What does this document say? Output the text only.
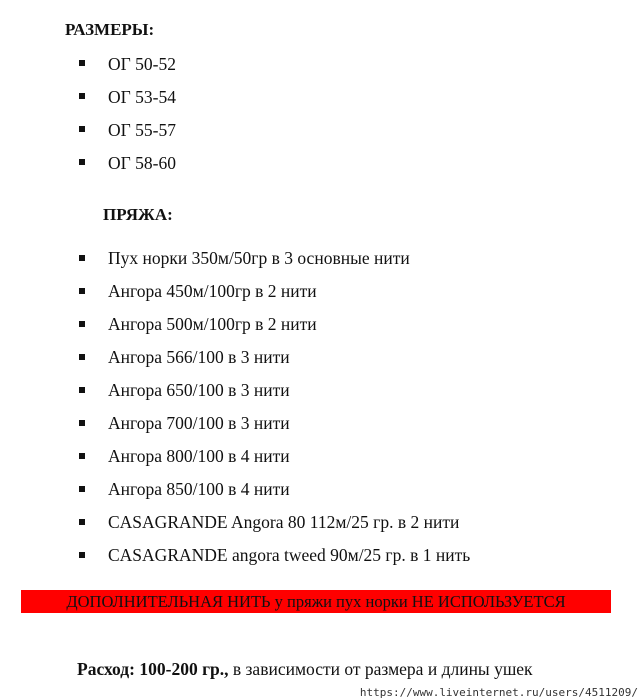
РАЗМЕРЫ:
ОГ 50-52
ОГ 53-54
ОГ 55-57
ОГ 58-60
ПРЯЖА:
Пух норки 350м/50гр в 3 основные нити
Ангора 450м/100гр в 2 нити
Ангора 500м/100гр в 2 нити
Ангора 566/100 в 3 нити
Ангора 650/100 в 3 нити
Ангора 700/100 в 3 нити
Ангора 800/100 в 4 нити
Ангора 850/100 в 4 нити
CASAGRANDE Angora 80 112м/25 гр. в 2 нити
CASAGRANDE angora tweed 90м/25 гр. в 1 нить
ДОПОЛНИТЕЛЬНАЯ НИТЬ у пряжи пух норки НЕ ИСПОЛЬЗУЕТСЯ
Расход: 100-200 гр., в зависимости от размера и длины ушек
https://www.liveinternet.ru/users/4511209/
